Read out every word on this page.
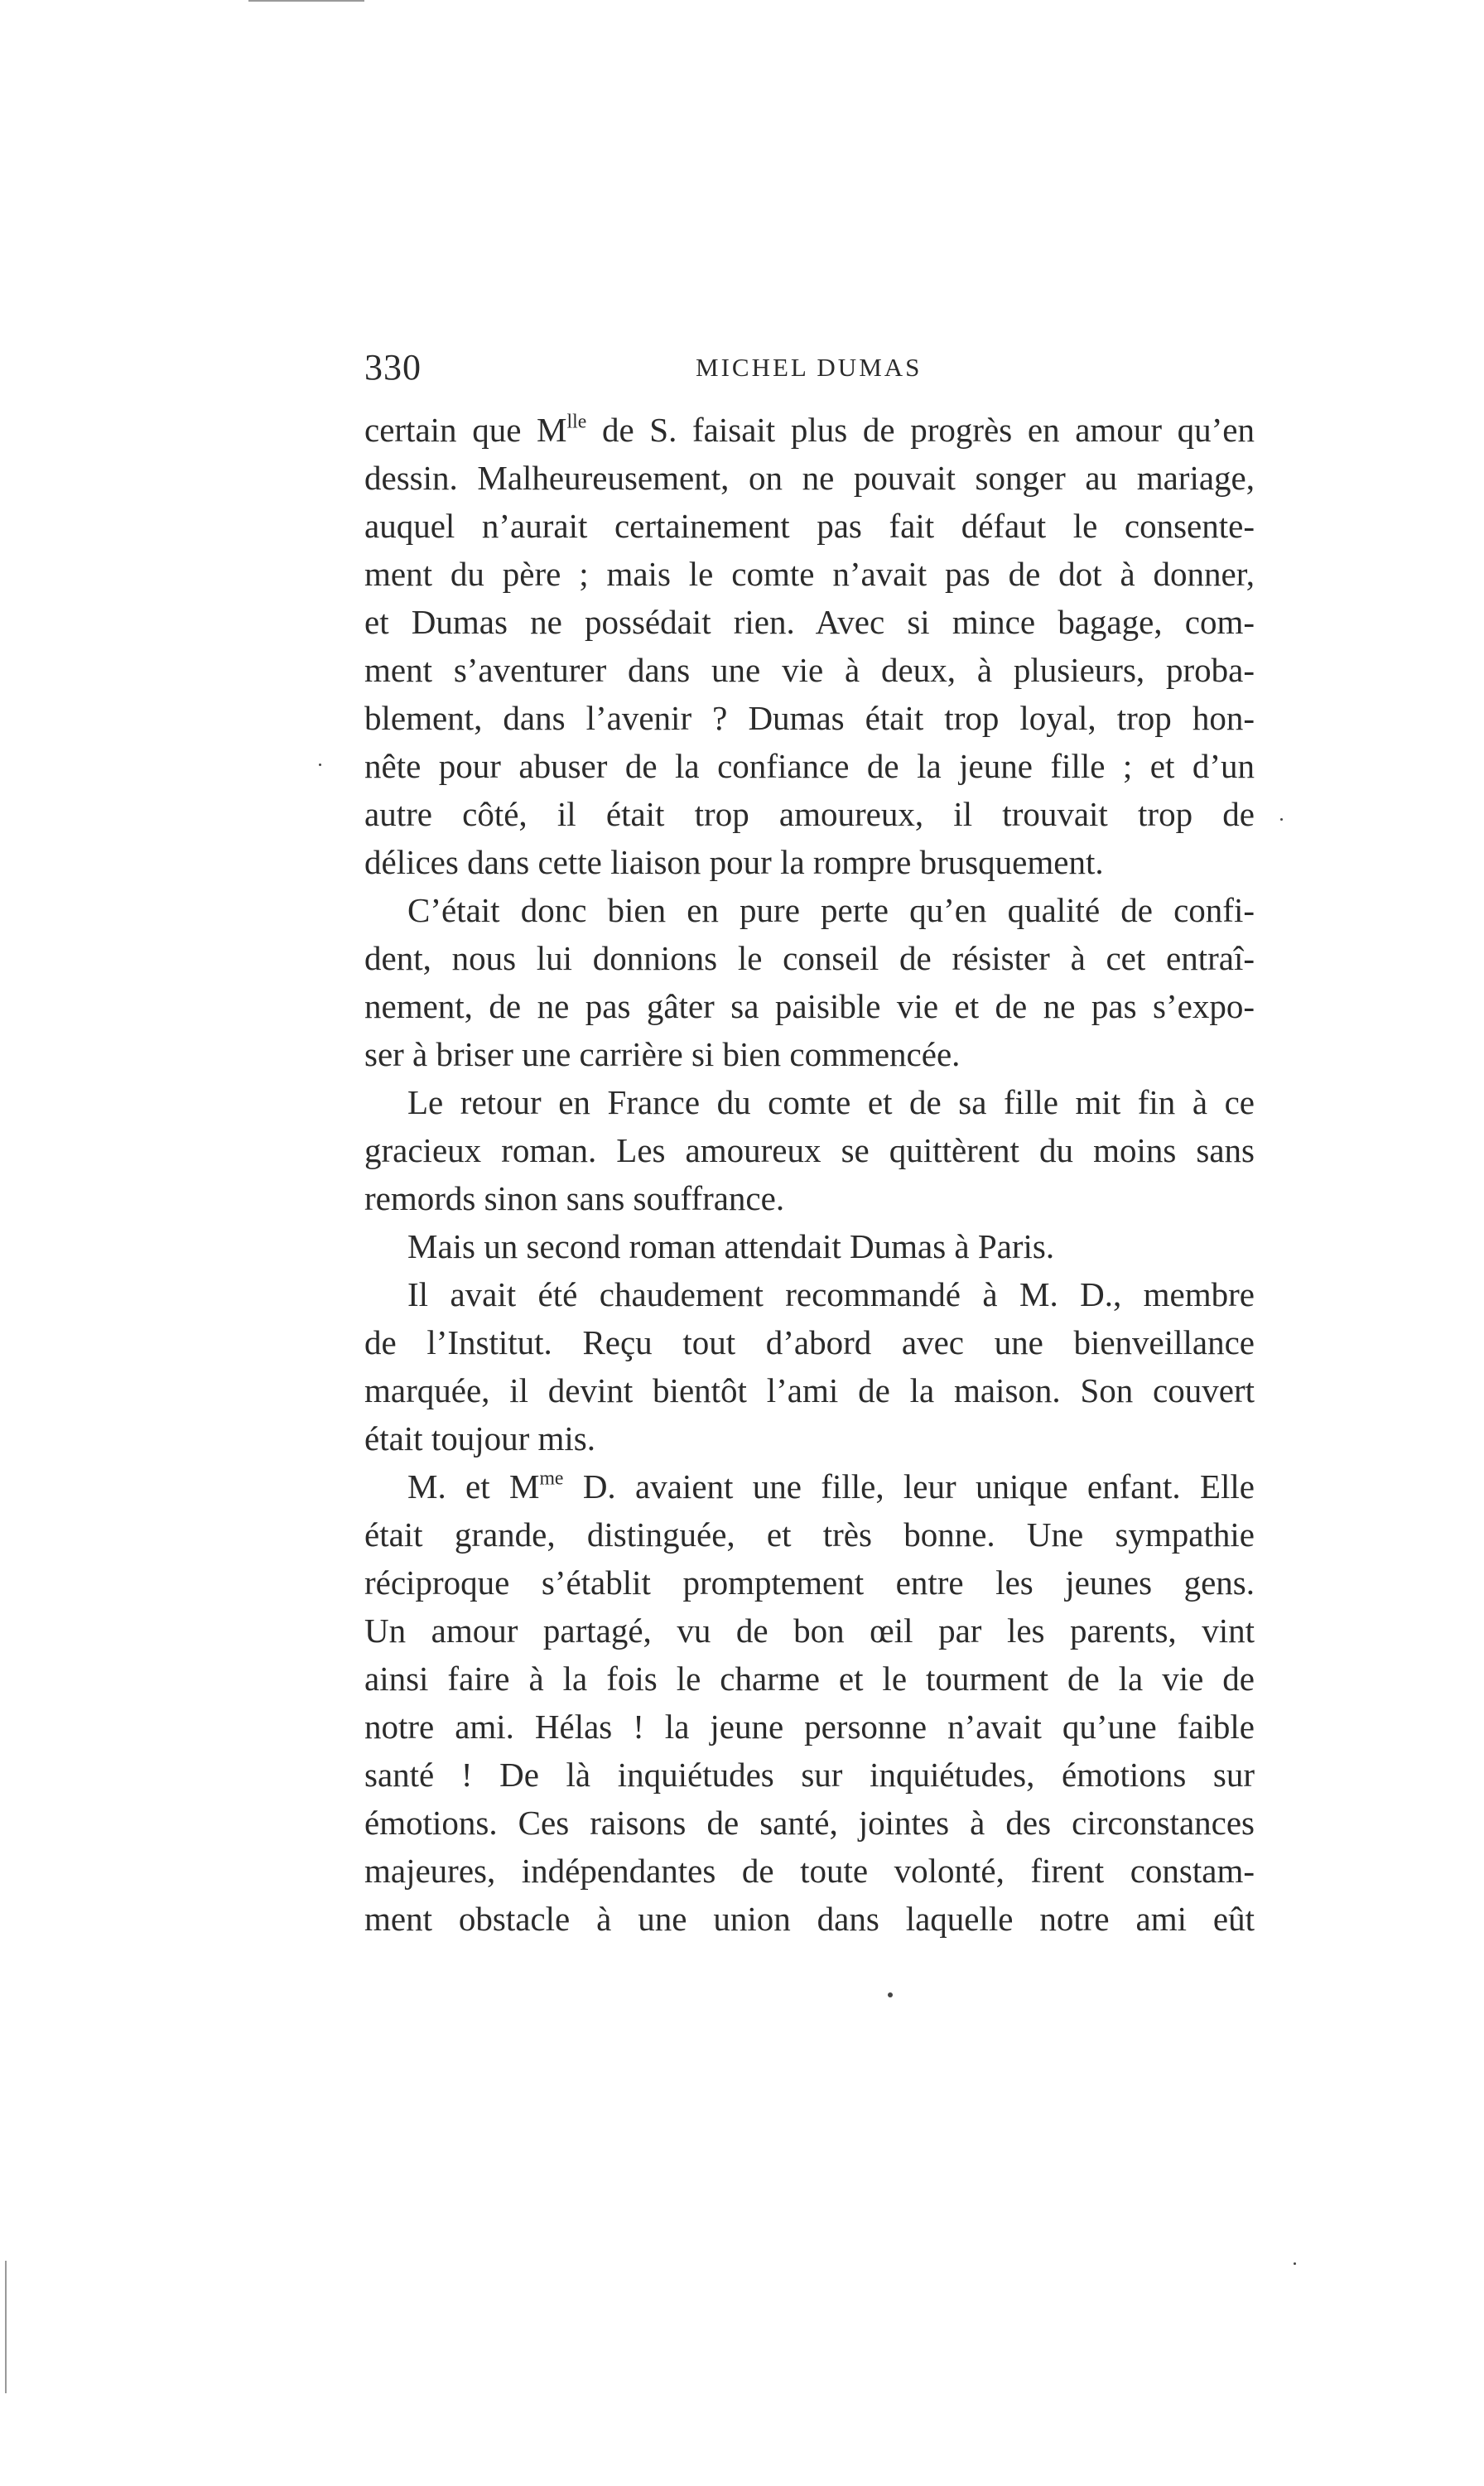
330	MICHEL DUMAS
certain que $M^{lle}$ de S. faisait plus de progrès en amour qu’en
dessin. Malheureusement, on ne pouvait songer au mariage,
auquel n’aurait certainement pas fait défaut le consente-
ment du père ; mais le comte n’avait pas de dot à donner,
et Dumas ne possédait rien. Avec si mince bagage, com-
ment s’aventurer dans une vie à deux, à plusieurs, proba-
blement, dans l’avenir ? Dumas était trop loyal, trop hon-
nête pour abuser de la confiance de la jeune fille ; et d’un
autre côté, il était trop amoureux, il trouvait trop de
délices dans cette liaison pour la rompre brusquement.
C’était donc bien en pure perte qu’en qualité de confi-
dent, nous lui donnions le conseil de résister à cet entraî-
nement, de ne pas gâter sa paisible vie et de ne pas s’expo-
ser à briser une carrière si bien commencée.
Le retour en France du comte et de sa fille mit fin à ce
gracieux roman. Les amoureux se quittèrent du moins sans
remords sinon sans souffrance.
Mais un second roman attendait Dumas à Paris.
Il avait été chaudement recommandé à M. D., membre
de l’Institut. Reçu tout d’abord avec une bienveillance
marquée, il devint bientôt l’ami de la maison. Son couvert
était toujour mis.
M. et $M^{me}$ D. avaient une fille, leur unique enfant. Elle
était grande, distinguée, et très bonne. Une sympathie
réciproque s’établit promptement entre les jeunes gens.
Un amour partagé, vu de bon œil par les parents, vint
ainsi faire à la fois le charme et le tourment de la vie de
notre ami. Hélas ! la jeune personne n’avait qu’une faible
santé ! De là inquiétudes sur inquiétudes, émotions sur
émotions. Ces raisons de santé, jointes à des circonstances
majeures, indépendantes de toute volonté, firent constam-
ment obstacle à une union dans laquelle notre ami eût
